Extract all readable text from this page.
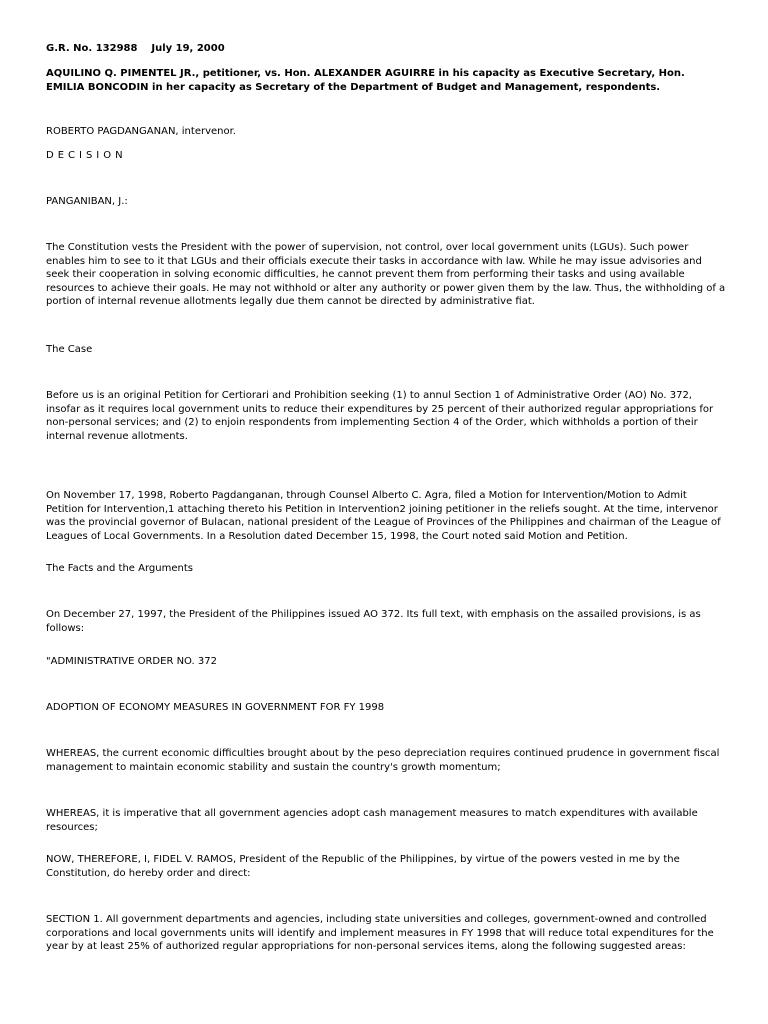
G.R. No. 132988    July 19, 2000

AQUILINO Q. PIMENTEL JR., petitioner, vs. Hon. ALEXANDER AGUIRRE in his capacity as Executive Secretary, Hon. EMILIA BONCODIN in her capacity as Secretary of the Department of Budget and Management, respondents.

ROBERTO PAGDANGANAN, intervenor.

DECISION

PANGANIBAN, J.:

The Constitution vests the President with the power of supervision, not control, over local government units (LGUs). Such power enables him to see to it that LGUs and their officials execute their tasks in accordance with law. While he may issue advisories and seek their cooperation in solving economic difficulties, he cannot prevent them from performing their tasks and using available resources to achieve their goals. He may not withhold or alter any authority or power given them by the law. Thus, the withholding of a portion of internal revenue allotments legally due them cannot be directed by administrative fiat.

The Case

Before us is an original Petition for Certiorari and Prohibition seeking (1) to annul Section 1 of Administrative Order (AO) No. 372, insofar as it requires local government units to reduce their expenditures by 25 percent of their authorized regular appropriations for non-personal services; and (2) to enjoin respondents from implementing Section 4 of the Order, which withholds a portion of their internal revenue allotments.

On November 17, 1998, Roberto Pagdanganan, through Counsel Alberto C. Agra, filed a Motion for Intervention/Motion to Admit Petition for Intervention,1 attaching thereto his Petition in Intervention2 joining petitioner in the reliefs sought. At the time, intervenor was the provincial governor of Bulacan, national president of the League of Provinces of the Philippines and chairman of the League of Leagues of Local Governments. In a Resolution dated December 15, 1998, the Court noted said Motion and Petition.

The Facts and the Arguments

On December 27, 1997, the President of the Philippines issued AO 372. Its full text, with emphasis on the assailed provisions, is as follows:

"ADMINISTRATIVE ORDER NO. 372

ADOPTION OF ECONOMY MEASURES IN GOVERNMENT FOR FY 1998

WHEREAS, the current economic difficulties brought about by the peso depreciation requires continued prudence in government fiscal management to maintain economic stability and sustain the country's growth momentum;

WHEREAS, it is imperative that all government agencies adopt cash management measures to match expenditures with available resources;

NOW, THEREFORE, I, FIDEL V. RAMOS, President of the Republic of the Philippines, by virtue of the powers vested in me by the Constitution, do hereby order and direct:

SECTION 1. All government departments and agencies, including state universities and colleges, government-owned and controlled corporations and local governments units will identify and implement measures in FY 1998 that will reduce total expenditures for the year by at least 25% of authorized regular appropriations for non-personal services items, along the following suggested areas:
